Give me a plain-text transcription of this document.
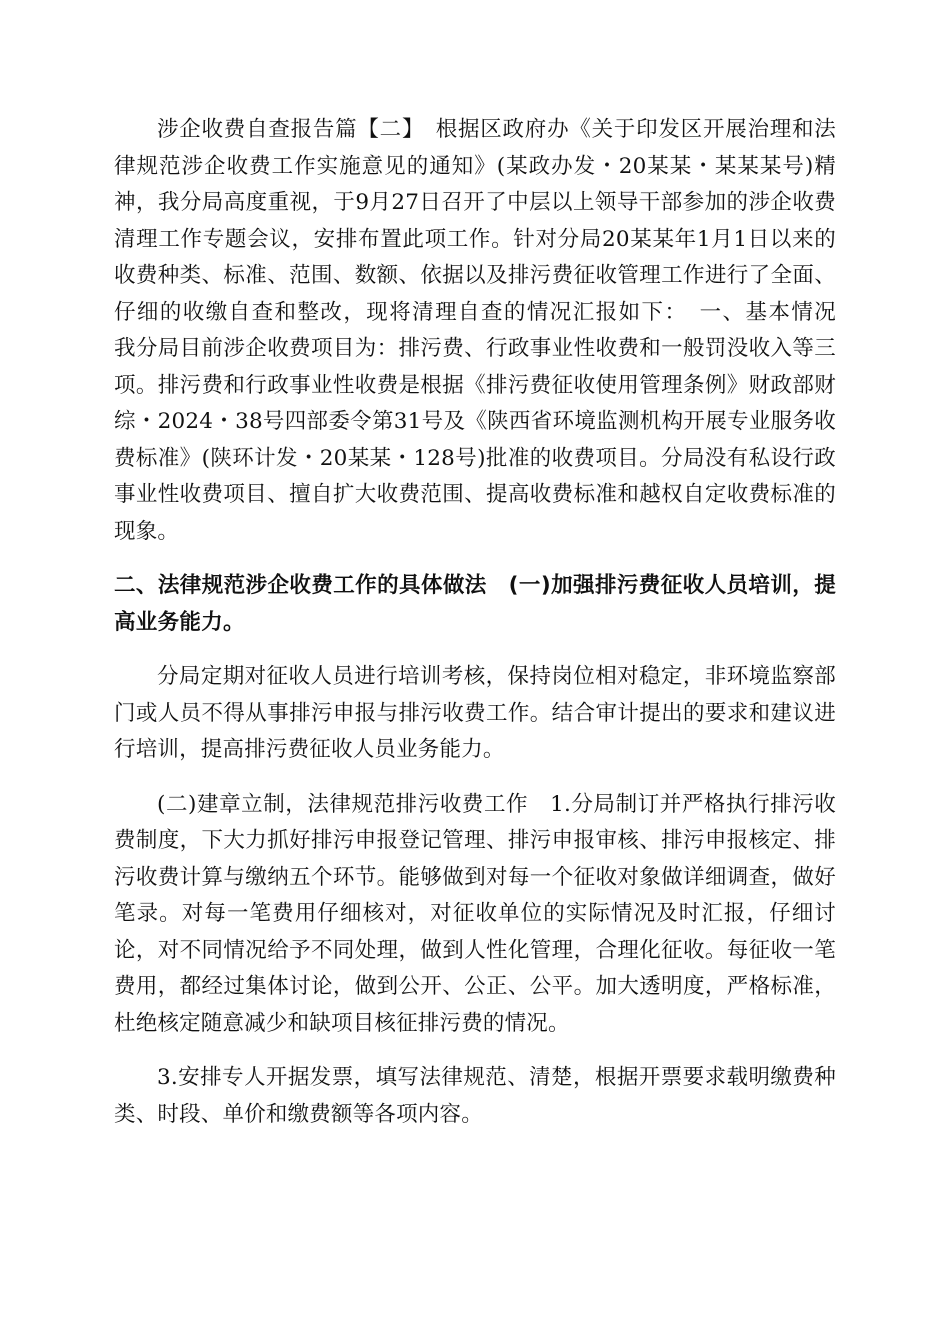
涉企收费自查报告篇【二】　根据区政府办《关于印发区开展治理和法律规范涉企收费工作实施意见的通知》(某政办发・20某某・某某某号)精神，我分局高度重视，于9月27日召开了中层以上领导干部参加的涉企收费清理工作专题会议，安排布置此项工作。针对分局20某某年1月1日以来的收费种类、标准、范围、数额、依据以及排污费征收管理工作进行了全面、仔细的收缴自查和整改，现将清理自查的情况汇报如下：　一、基本情况　我分局目前涉企收费项目为：排污费、行政事业性收费和一般罚没收入等三项。排污费和行政事业性收费是根据《排污费征收使用管理条例》财政部财综・2024・38号四部委令第31号及《陕西省环境监测机构开展专业服务收费标准》(陕环计发・20某某・128号)批准的收费项目。分局没有私设行政事业性收费项目、擅自扩大收费范围、提高收费标准和越权自定收费标准的现象。

二、法律规范涉企收费工作的具体做法　(一)加强排污费征收人员培训，提高业务能力。

分局定期对征收人员进行培训考核，保持岗位相对稳定，非环境监察部门或人员不得从事排污申报与排污收费工作。结合审计提出的要求和建议进行培训，提高排污费征收人员业务能力。

(二)建章立制，法律规范排污收费工作　1.分局制订并严格执行排污收费制度，下大力抓好排污申报登记管理、排污申报审核、排污申报核定、排污收费计算与缴纳五个环节。能够做到对每一个征收对象做详细调查，做好笔录。对每一笔费用仔细核对，对征收单位的实际情况及时汇报，仔细讨论，对不同情况给予不同处理，做到人性化管理，合理化征收。每征收一笔费用，都经过集体讨论，做到公开、公正、公平。加大透明度，严格标准，杜绝核定随意减少和缺项目核征排污费的情况。

3.安排专人开据发票，填写法律规范、清楚，根据开票要求载明缴费种类、时段、单价和缴费额等各项内容。
